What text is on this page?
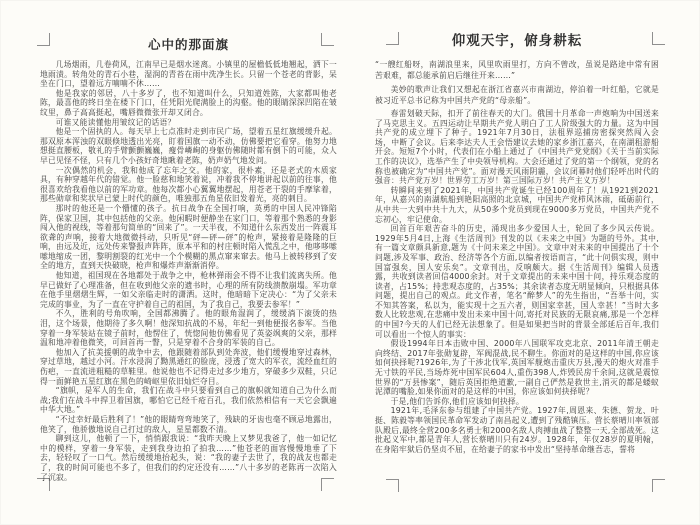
心中的那面旗

几场烟雨，几卷荷风，江南早已是烟水迷离。小镇里的屋檐低低地翘起，洒下一地雨渍。转角处的青石小巷，湿润的青苔在雨中洗净生长。只留一个苍老的背影，呆坐在门口，望着远方喃喃不休……

他是我家的邻居，八十多岁了，也不知道叫什么，只知道姓陈，大家都叫他老陈，最喜他的终日坐在楼下门口，任凭阳光爬满脸上的沟壑。他的眼睛深深凹陷在皱纹里，鼻子高高挺起，嘴唇微微张开却又闭合。

可谁又能读懂他用皱纹记的话语？

他是一个固执的人。每天早上七点准时走到市民广场，望着五星红旗缓缓升起。那双原本浑浊的双眼倏地透出光亮，盯着国旗一动不动，仿佛要把它看穿。他努力地想挺直腰板，敬礼的手臂颤颤巍巍，瘦骨嶙峋的身躯仿佛随时都有倒下的可能，众人早已见怪不怪，只有几个小孩好奇地瞅着老陈，奶声奶气地发问。

一次偶然的机会，我和他成了忘年之交。他的家，很朴素，还是老式的木质家具，有种穿越年代的错觉。他一脸慈和地笑着说，冲着我不停地讲起以前的往事，他很喜欢给我看他以前的军功章。他每次都小心翼翼地摆起，用苍老干裂的手摩挲着，那些勋章和奖状早已蒙上时代的颜色，唯独那五角星依旧发着光，亮的刺目。

那时的他还是一个懵懂的孩子。抗日战争在全国打响，英勇的中国人民冲锋陷阵，保家卫国，其中包括他的父亲。他闲暇时便静坐在家门口，等着那个熟悉的身影闯入他的视线，等着那句简单的“回来了”。一天半夜，不知道什么东西发出一阵震耳欲聋的声响，接着大地微微抖动，只听见“砰—砰—砰”的枪声，紧接着是隆隆的巨响，由远及近，远处传来警报声阵阵，原本平和的村庄顿时陷入慌乱之中，他哆哆嗦嗦地缩成一团，黎明割裂的红光中一个个模糊的黑点窜来窜去。他马上被转移到了安全的地方，直到天快破晓，枪声和爆炸声渐渐消停。

他知道，祖国现在各地都处于战争之中，枪林弹雨会不得不让我们流离失所。他早已做好了心理准备，但在收到他父亲的遗书时，心理的所有防线溃散崩塌。军功章在他手里熠熠生辉，一如父亲临走时的潇洒。这时，他暗暗下定决心：“为了父亲未完成的事业，为了一直在守护着自己的祖国，为了我自己，我要去参军！”

不久，胜利的号角吹响，全国都沸腾了。他的眼角湿润了，缓缓淌下滚烫的热泪，这个场景，他期待了多久啊！他深知抗战的不易，年纪一到他便报名参军。当他穿着一身军装站在镜子前时，他愣住了，恍惚间他仿佛看见了英姿飒爽的父亲，那样温和地冲着他微笑，可回首再一瞥，只是穿着不合身的军装的自己。

他加入了抗美援朝的战争中去，他跟随着部队到处奔波，他们缓慢地穿过森林，穿过草地，越过小河。汗水浸润了黝黑通红的脸庞，浸透了宽大的军衣，流经血红的伤疤，一直流进粗糙的草鞋里。他说他也不记得走过多少地方，穿破多少双鞋，只记得一面鲜艳五星红旗在黑色的崎岖里依旧灿烂夺目。

“旗帜，是军人的生命，我们在战斗中只要看到自己的旗帜就知道自己为什么而战;我们在战斗中捍卫着国旗，哪怕它已经千疮百孔，我们依然相信有一天它会飘遍中华大地。”

“不过幸好最后胜利了！”他的眼睛弯弯地笑了，残缺的牙齿也毫不顾忌地露出，他笑了，他骄傲地说自己打过的敌人，星星都数不清。

聊到这儿，他顿了一下，悄悄跟我说：“我昨天晚上又梦见我爸了，他一如记忆中的模样，穿着一身军装，走到我身边拍了拍我……”他苍老的面容慢慢地垂了下去，轻轻叹了一口气。然后缓缓地抬起头，说：“我的妻子去世了，我的战友也都走了，我的时间可能也不多了，但我们的约定还没有……”八十多岁的老陈再一次陷入了沉寂。

仰观天宇，俯身耕耘

“一艘红船呀，南湖浪里来，风里吹雨里打，方向不曾改，虽说是路途中常有困苦艰难，都总能承前启后继往开来……”

美妙的歌声让我们又想起在浙江省嘉兴市南湖边，停泊着一叶红船，它就是被习近平总书记称为中国共产党的“母亲船”。

春雷划破天际，扣开了前往春天的大门。俄国十月革命一声炮响为中国送来了马克思主义。五四运动让早期共产党人明白了工人阶级强大的力量。这为中国共产党的成立埋下了种子。1921年7月30日，法租界巡捕房密探突然闯入会场，中断了会议。后来李达夫人王会悟建议去她的家乡浙江嘉兴，在南湖租游船开会。短短7个小时，代表们在小船上通过了《中国共产党党纲》《关于当前实际工作的决议》，选举产生了中央领导机构。大会还通过了党的第一个纲领，党的名称也被确定为“中国共产党”。面对漫天风雨阴霾，会议闭幕时他们轻呼出时代的强音：共产党万岁！世界劳工万岁！第三国际万岁！共产主义万岁！

转瞬间来到了2021年，中国共产党诞生已经100周年了！从1921到2021年，从嘉兴的南湖航船到艳阳高照的北京城，中国共产党栉风沐雨，砥砺前行，从中共一大到中共十九大，从50多个党员到现在9000多万党员，中国共产党不忘初心，牢记使命。

回首百年艰苦奋斗的历史，涌现出多少爱国人士，轮回了多少风云传说。1929年5月4日,上海《生活周刊》刊发的以《未来之中国》为题的号外。其中,有一篇文章颇具新意,题为《十问未来之中国》。文章中对未来的中国提出了十个问题,涉及军事、政治、经济等各个方面,以编者按语而言，“此十问倶实现，则中国富强矣，国人安乐矣”。文章刊出，反响颇大。据《生活周刊》编辑人员透露，共收到读者回信4000余封。对于文章提出的未来中国十问，持乐观态度的读者，占15%；持悲观态度的，占35%；其余读者态度无明显倾向，只根据具体问题，提出自己的观点。此文作者，笔名“醉梦人”的先生指出，“吾举十问，实不知其答案，私以为，能实现十之五六者，则国家幸甚，国人幸甚！”当时大多数人比较悲观,在悲痛中发出未来中国十问,寄托对民族的无限哀痛,那是一个怎样的中国?今天的人们已经无法想象了。但是如果把当时的背景全部延后百年,我们可以看出一个惊人的事实：

假设1994年日本击败中国、2000年八国联军攻克北京、2011年清王朝走向终结、2017年张勋复辟，军阀混战,民不聊生。你面对的是这样的中国,你应该如何抉择呢?1926年,为了干涉北伐军,英国军舰炮击重庆万县,漫天的炮火对准手无寸铁的平民,当场炸死中国军民604人,重伤398人,炸毁民房千余间,这就是震惊世界的“万县惨案”，随后英国拒绝道歉,一副自己俨然是救世主,消灭的都是蝼蚁泥潭的嘴脸,如果你面对的是这样的中国，你应该如何抉择呢？

于是,他们告诉你,他们应该如何抉择。

1921年,毛泽东参与组建了中国共产党。1927年,周恩来、朱德、贺龙、叶挺、陈毅等率领国民革命军发动了南昌起义,遭到了残酷镇压。营长蔡晴川率领部队殿后,最终全营200多名勇士和2000名敌人肉搏血战了整整一天,全部战死。这批起义军中,都是青年人,营长蔡晴川只有24岁。1928年，年仅28岁的夏明翰，在身陷牢狱后仍坚贞不屈，在给妻子的家书中发出“坚持革命继吾志，誓将
